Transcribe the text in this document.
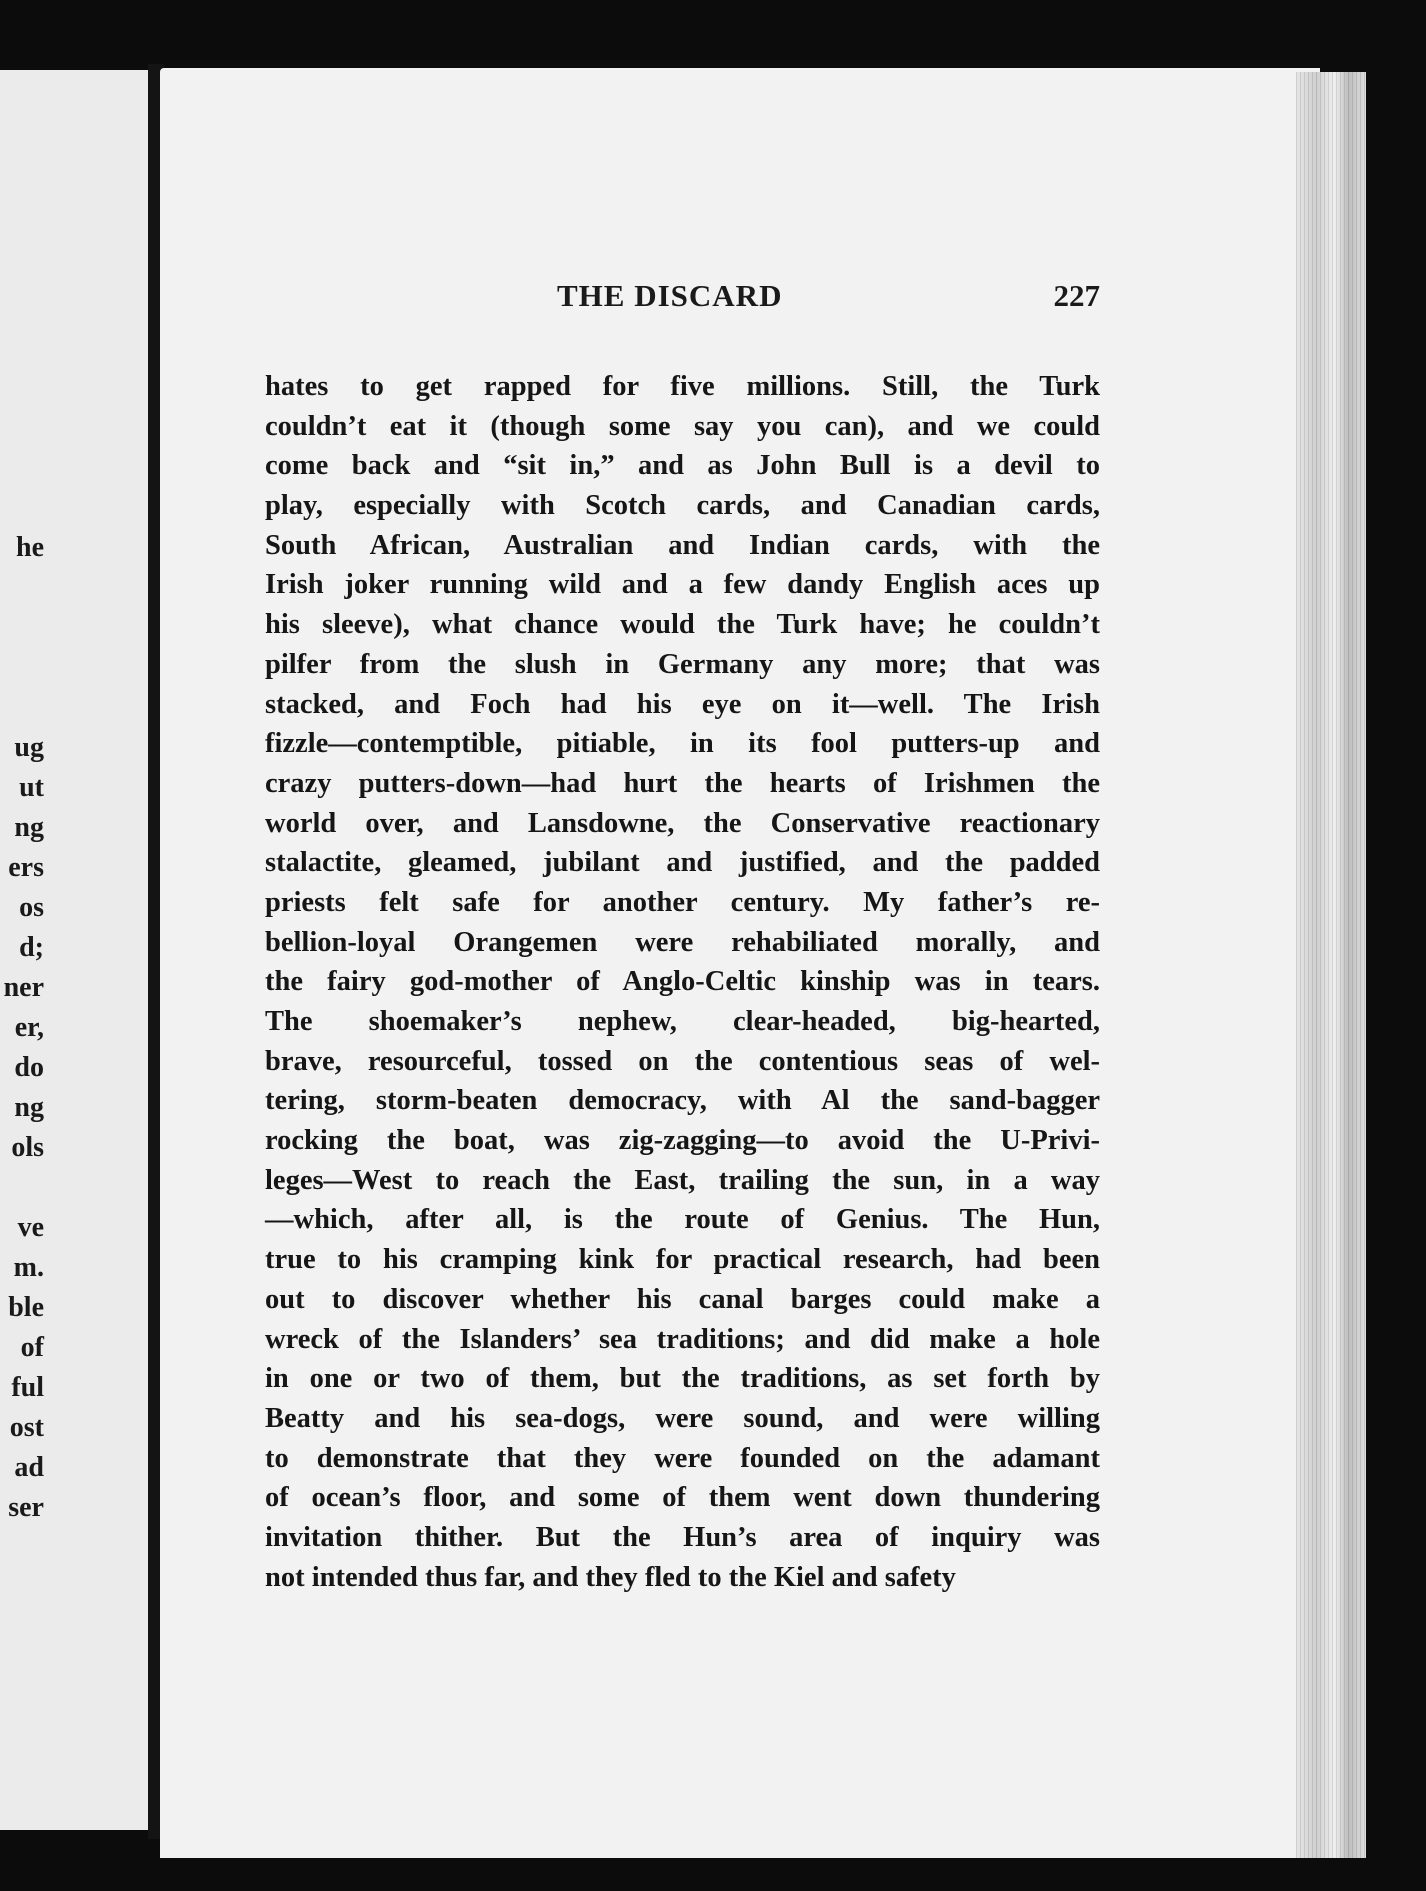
he
ug
ut
ng
ers
os
d;
ner
er,
do
ng
ols
ve
m.
ble
of
ful
ost
ad
ser
THE DISCARD	227
hates to get rapped for five millions. Still, the Turk
couldn’t eat it (though some say you can), and we could
come back and “sit in,” and as John Bull is a devil to
play, especially with Scotch cards, and Canadian cards,
South African, Australian and Indian cards, with the
Irish joker running wild and a few dandy English aces up
his sleeve), what chance would the Turk have; he couldn’t
pilfer from the slush in Germany any more; that was
stacked, and Foch had his eye on it—well. The Irish
fizzle—contemptible, pitiable, in its fool putters-up and
crazy putters-down—had hurt the hearts of Irishmen the
world over, and Lansdowne, the Conservative reactionary
stalactite, gleamed, jubilant and justified, and the padded
priests felt safe for another century. My father’s re-
bellion-loyal Orangemen were rehabiliated morally, and
the fairy god-mother of Anglo-Celtic kinship was in tears.
The shoemaker’s nephew, clear-headed, big-hearted,
brave, resourceful, tossed on the contentious seas of wel-
tering, storm-beaten democracy, with Al the sand-bagger
rocking the boat, was zig-zagging—to avoid the U-Privi-
leges—West to reach the East, trailing the sun, in a way
—which, after all, is the route of Genius. The Hun,
true to his cramping kink for practical research, had been
out to discover whether his canal barges could make a
wreck of the Islanders’ sea traditions; and did make a hole
in one or two of them, but the traditions, as set forth by
Beatty and his sea-dogs, were sound, and were willing
to demonstrate that they were founded on the adamant
of ocean’s floor, and some of them went down thundering
invitation thither. But the Hun’s area of inquiry was
not intended thus far, and they fled to the Kiel and safety
